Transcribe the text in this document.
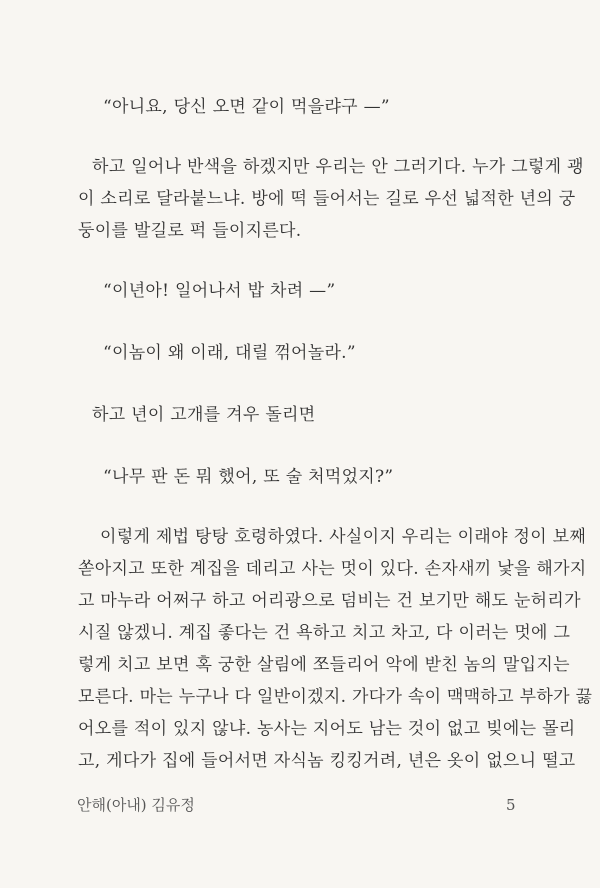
“아니요, 당신 오면 같이 먹을랴구 —”
하고 일어나 반색을 하겠지만 우리는 안 그러기다. 누가 그렇게 괭
이 소리로 달라붙느냐. 방에 떡 들어서는 길로 우선 넓적한 년의 궁
둥이를 발길로 퍽 들이지른다.
“이년아! 일어나서 밥 차려 —”
“이놈이 왜 이래, 대릴 꺾어놀라.”
하고 년이 고개를 겨우 돌리면
“나무 판 돈 뭐 했어, 또 술 처먹었지?”
이렇게 제법 탕탕 호령하였다. 사실이지 우리는 이래야 정이 보째
쏟아지고 또한 계집을 데리고 사는 멋이 있다. 손자새끼 낯을 해가지
고 마누라 어쩌구 하고 어리광으로 덤비는 건 보기만 해도 눈허리가
시질 않겠니. 계집 좋다는 건 욕하고 치고 차고, 다 이러는 멋에 그
렇게 치고 보면 혹 궁한 살림에 쪼들리어 악에 받친 놈의 말입지는
모른다. 마는 누구나 다 일반이겠지. 가다가 속이 맥맥하고 부하가 끓
어오를 적이 있지 않냐. 농사는 지어도 남는 것이 없고 빚에는 몰리
고, 게다가 집에 들어서면 자식놈 킹킹거려, 년은 옷이 없으니 떨고
안해(아내) 김유정	5
